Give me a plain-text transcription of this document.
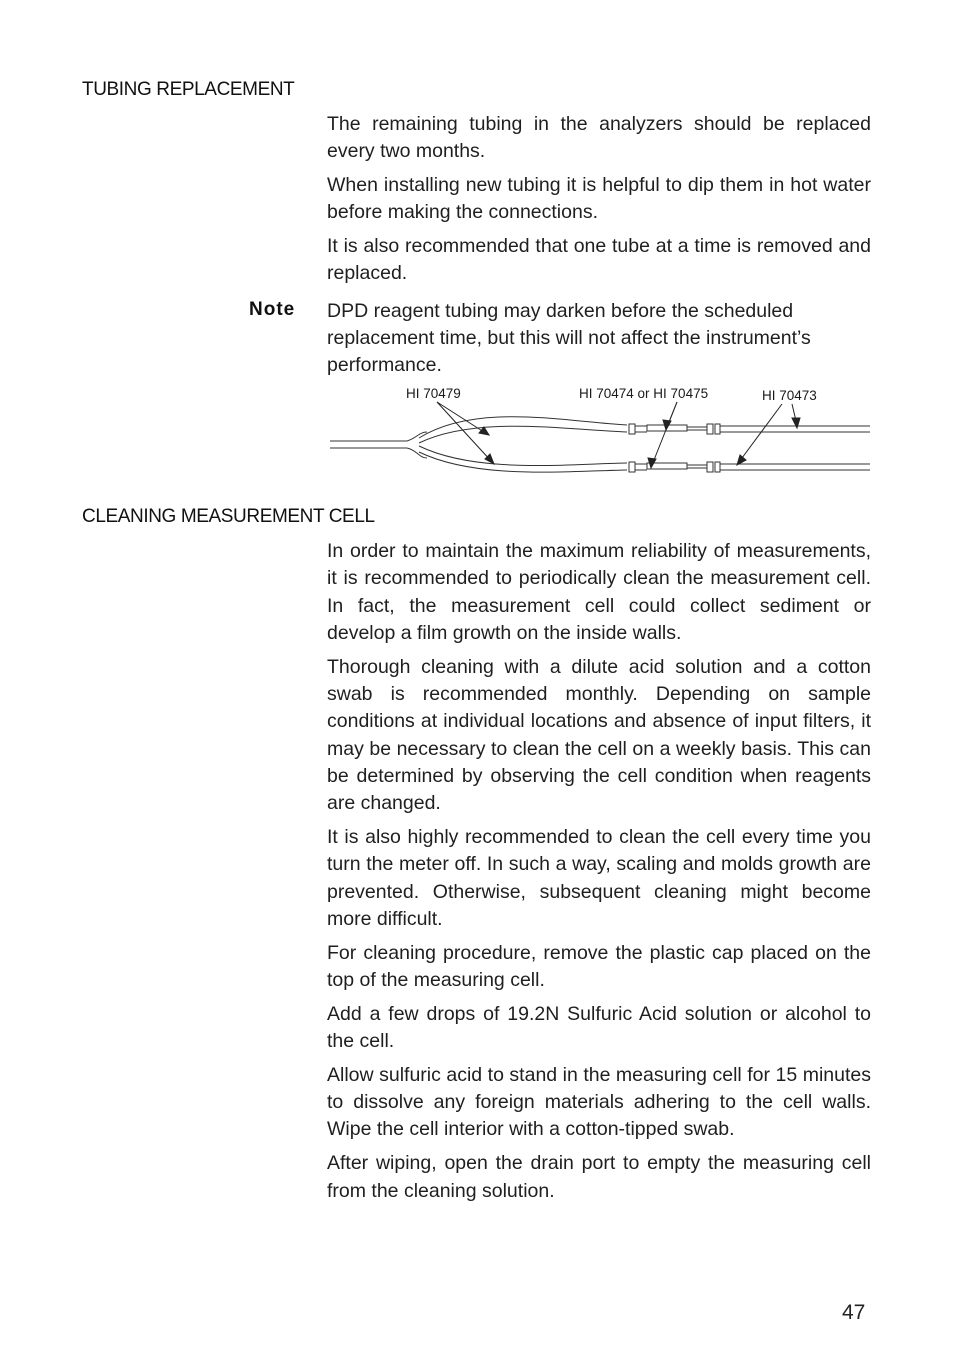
TUBING REPLACEMENT

The remaining tubing in the analyzers should be replaced every two months.

When installing new tubing it is helpful to dip them in hot water before making the connections.

It is also recommended that one tube at a time is removed and replaced.

DPD reagent tubing may darken before the scheduled replacement time, but this will not affect the instrument’s performance.

Note
HI 70479	HI 70474 or HI 70475	HI 70473
CLEANING MEASUREMENT CELL

In order to maintain the maximum reliability of measurements, it is recommended to periodically clean the measurement cell. In fact, the measurement cell could collect sediment or develop a film growth on the inside walls.

Thorough cleaning with a dilute acid solution and a cotton swab is recommended monthly. Depending on sample conditions at individual locations and absence of input filters, it may be necessary to clean the cell on a weekly basis. This can be determined by observing the cell condition when reagents are changed.

It is also highly recommended to clean the cell every time you turn the meter off. In such a way, scaling and molds growth are prevented. Otherwise, subsequent cleaning might become more difficult.

For cleaning procedure, remove the plastic cap placed on the top of the measuring cell.

Add a few drops of 19.2N Sulfuric Acid solution or alcohol to the cell.

Allow sulfuric acid to stand in the measuring cell for 15 minutes to dissolve any foreign materials adhering to the cell walls. Wipe the cell interior with a cotton-tipped swab.

After wiping, open the drain port to empty the measuring cell from the cleaning solution.

47
